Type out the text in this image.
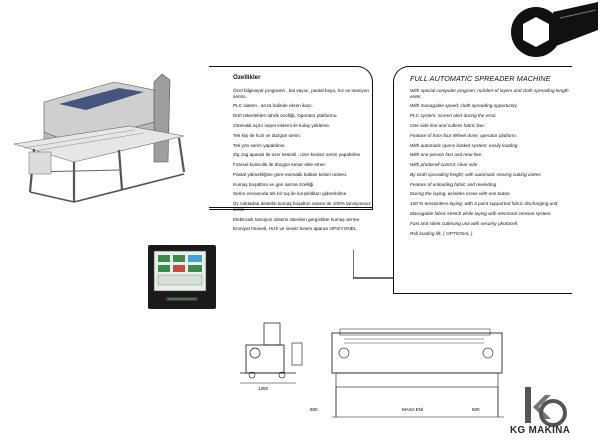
Özellikler
Özel bilgisayar programlı , kat sayısı, pastal boyu, hız ve tansiyon serimi.
PLC sistem , arıza halinde ekran ikazı.
Dört tekerlekten tahrik özelliği, Operator platformu.
Otomatik açılır sepet sistemi ile kolay yükleme.
Tek kişi ile hızlı ve düzgün serim.
Tek yön serim yapabilme.
Zig zag aparatı ile üzer kesimli , üzer kesisiz serim yapabilme
Fotosel kontrollü ile düzgün kenar ekle etme.
Pastal yüksekliğine göre otomatik kalkan kesim ünitesi.
Kumaş boşaltma ve geri sarma özelliği.
Serim esnasında tek bir tuş ile kırışıklıkları giderebilme.
Üç noktadan destekli kumaş boşaltım ünitesi ile 100% tansiyonsuz serim
Elektronik tansiyon sistemi istenilen gergınlikte kumaş serme.
Emniyet fotoseli, Hızlı ve sessiz kesim aparatı OPSİYONEL
FULL AUTOMATIC SPREADER MACHINE
With special computer program; number of layers and cloth spreading length enter.
With managable speed; cloth spreading opportunity.
PLC system; screen alert during the error.
One side line and cutless fabric line.
Feature of from four Wheel drive; operator platform.
With automatic opens basket system; easily loading
With one person fast and neat line.
With photocell control; clear side
By cloth spreading height; with automatic moving cutting unites.
Feature of unloading fabric and rewinding
During the laying, wrinkles erase with one buton.
100 % tensionless-laying; with 3 point supported fabric discharging unit.
Managable fabric stretch while laying with electronic tension system.
Fast and silent cuttening unit with security photocell.
Roll loading lift. ( OPTIONAL )
1200
500	MASA ENİ	600
KG MAKİNA
